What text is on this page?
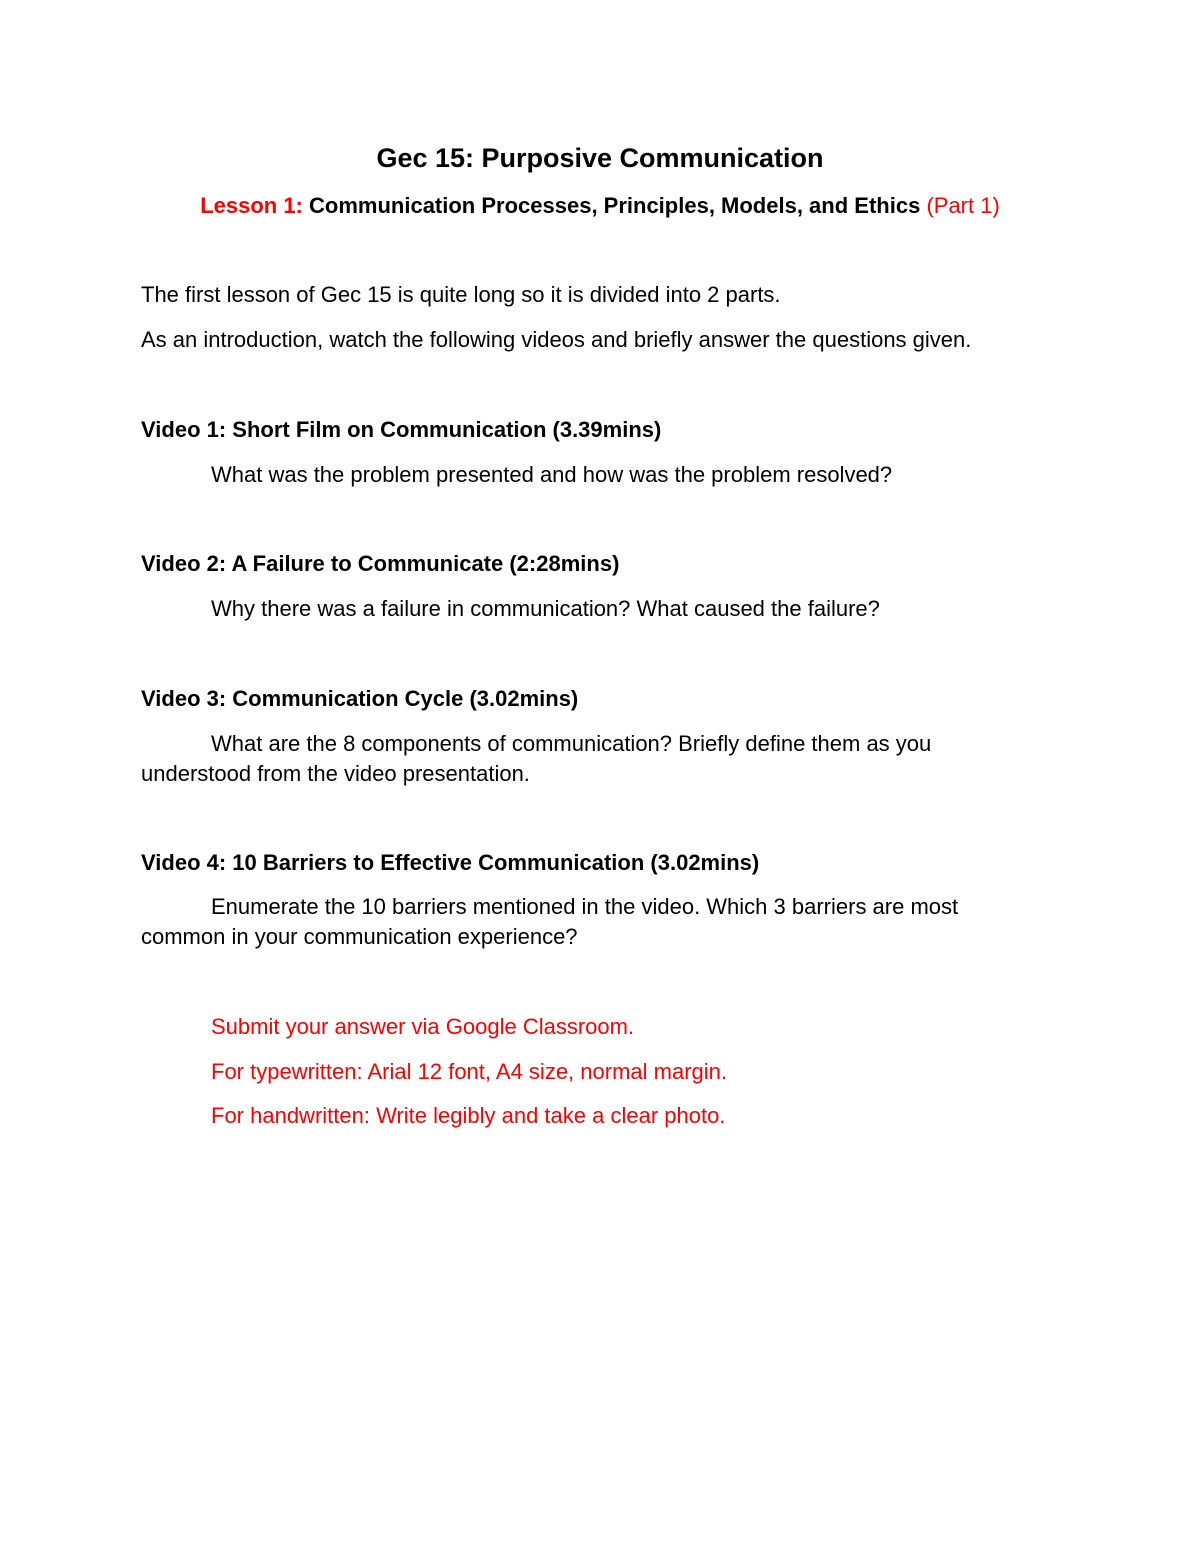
Gec 15: Purposive Communication
Lesson 1: Communication Processes, Principles, Models, and Ethics (Part 1)
The first lesson of Gec 15 is quite long so it is divided into 2 parts.
As an introduction, watch the following videos and briefly answer the questions given.
Video 1: Short Film on Communication (3.39mins)
What was the problem presented and how was the problem resolved?
Video 2: A Failure to Communicate (2:28mins)
Why there was a failure in communication? What caused the failure?
Video 3: Communication Cycle (3.02mins)
What are the 8 components of communication? Briefly define them as you understood from the video presentation.
Video 4: 10 Barriers to Effective Communication (3.02mins)
Enumerate the 10 barriers mentioned in the video. Which 3 barriers are most common in your communication experience?
Submit your answer via Google Classroom.
For typewritten: Arial 12 font, A4 size, normal margin.
For handwritten: Write legibly and take a clear photo.
